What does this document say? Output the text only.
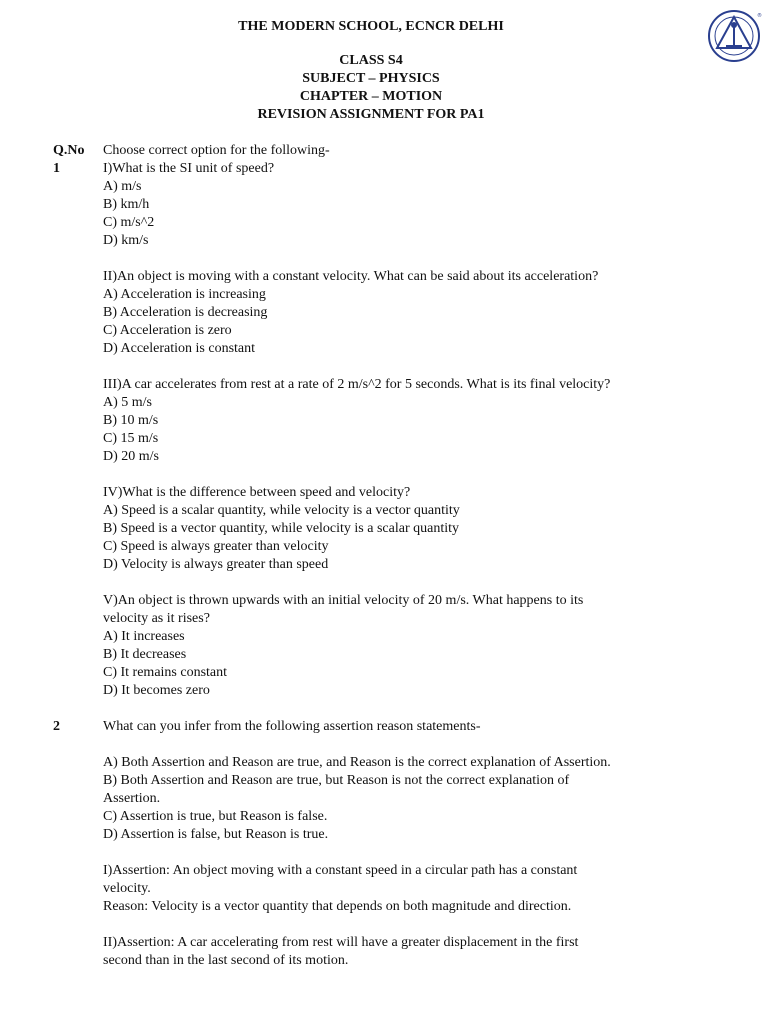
THE MODERN SCHOOL, ECNCR DELHI
CLASS S4
SUBJECT – PHYSICS
CHAPTER – MOTION
REVISION ASSIGNMENT FOR PA1
®
Q.No Choose correct option for the following-
1	I)What is the SI unit of speed?
A) m/s
B) km/h
C) m/s^2
D) km/s
II)An object is moving with a constant velocity. What can be said about its acceleration?
A) Acceleration is increasing
B) Acceleration is decreasing
C) Acceleration is zero
D) Acceleration is constant
III)A car accelerates from rest at a rate of 2 m/s^2 for 5 seconds. What is its final velocity?
A) 5 m/s
B) 10 m/s
C) 15 m/s
D) 20 m/s
IV)What is the difference between speed and velocity?
A) Speed is a scalar quantity, while velocity is a vector quantity
B) Speed is a vector quantity, while velocity is a scalar quantity
C) Speed is always greater than velocity
D) Velocity is always greater than speed
V)An object is thrown upwards with an initial velocity of 20 m/s. What happens to its
velocity as it rises?
A) It increases
B) It decreases
C) It remains constant
D) It becomes zero
2	What can you infer from the following assertion reason statements-
A) Both Assertion and Reason are true, and Reason is the correct explanation of Assertion.
B) Both Assertion and Reason are true, but Reason is not the correct explanation of
Assertion.
C) Assertion is true, but Reason is false.
D) Assertion is false, but Reason is true.
I)Assertion: An object moving with a constant speed in a circular path has a constant
velocity.
Reason: Velocity is a vector quantity that depends on both magnitude and direction.
II)Assertion: A car accelerating from rest will have a greater displacement in the first
second than in the last second of its motion.
